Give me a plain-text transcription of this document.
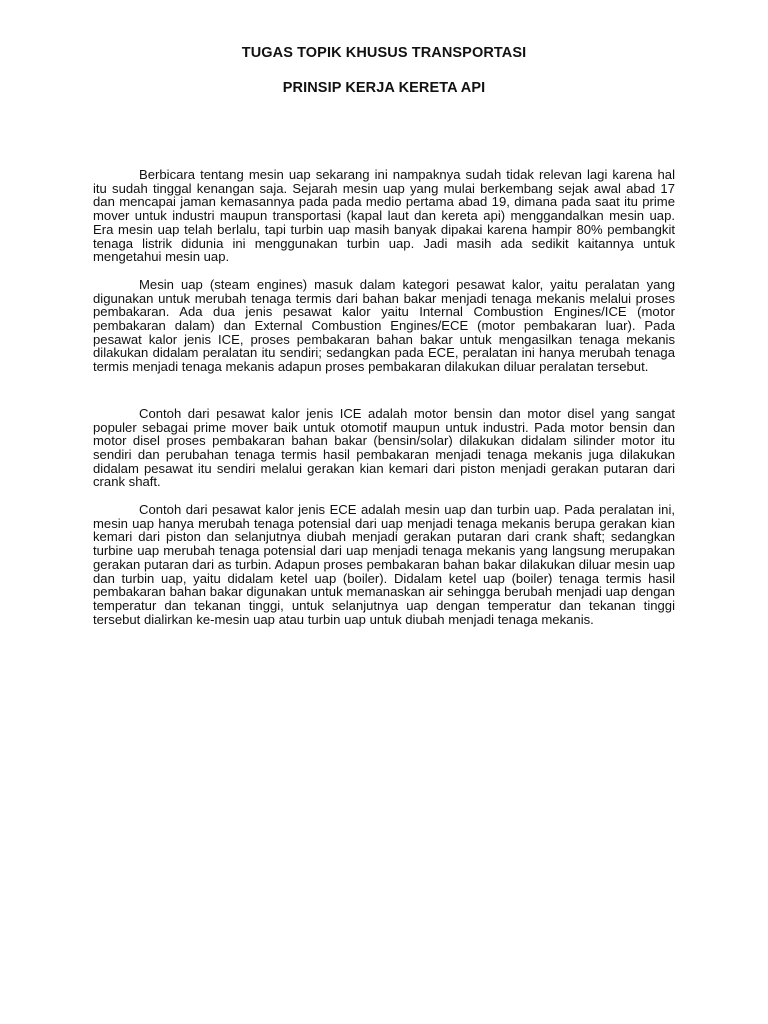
TUGAS TOPIK KHUSUS TRANSPORTASI
PRINSIP KERJA KERETA API

Berbicara tentang mesin uap sekarang ini nampaknya sudah tidak relevan lagi karena hal itu sudah tinggal kenangan saja. Sejarah mesin uap yang mulai berkembang sejak awal abad 17 dan mencapai jaman kemasannya pada pada medio pertama abad 19, dimana pada saat itu prime mover untuk industri maupun transportasi (kapal laut dan kereta api) menggandalkan mesin uap. Era mesin uap telah berlalu, tapi turbin uap masih banyak dipakai karena hampir 80% pembangkit tenaga listrik didunia ini menggunakan turbin uap. Jadi masih ada sedikit kaitannya untuk mengetahui mesin uap.

Mesin uap (steam engines) masuk dalam kategori pesawat kalor, yaitu peralatan yang digunakan untuk merubah tenaga termis dari bahan bakar menjadi tenaga mekanis melalui proses pembakaran. Ada dua jenis pesawat kalor yaitu Internal Combustion Engines/ICE (motor pembakaran dalam) dan External Combustion Engines/ECE (motor pembakaran luar). Pada pesawat kalor jenis ICE, proses pembakaran bahan bakar untuk mengasilkan tenaga mekanis dilakukan didalam peralatan itu sendiri; sedangkan pada ECE, peralatan ini hanya merubah tenaga termis menjadi tenaga mekanis adapun proses pembakaran dilakukan diluar peralatan tersebut.

Contoh dari pesawat kalor jenis ICE adalah motor bensin dan motor disel yang sangat populer sebagai prime mover baik untuk otomotif maupun untuk industri. Pada motor bensin dan motor disel proses pembakaran bahan bakar (bensin/solar) dilakukan didalam silinder motor itu sendiri dan perubahan tenaga termis hasil pembakaran menjadi tenaga mekanis juga dilakukan didalam pesawat itu sendiri melalui gerakan kian kemari dari piston menjadi gerakan putaran dari crank shaft.

Contoh dari pesawat kalor jenis ECE adalah mesin uap dan turbin uap. Pada peralatan ini, mesin uap hanya merubah tenaga potensial dari uap menjadi tenaga mekanis berupa gerakan kian kemari dari piston dan selanjutnya diubah menjadi gerakan putaran dari crank shaft; sedangkan turbine uap merubah tenaga potensial dari uap menjadi tenaga mekanis yang langsung merupakan gerakan putaran dari as turbin. Adapun proses pembakaran bahan bakar dilakukan diluar mesin uap dan turbin uap, yaitu didalam ketel uap (boiler). Didalam ketel uap (boiler) tenaga termis hasil pembakaran bahan bakar digunakan untuk memanaskan air sehingga berubah menjadi uap dengan temperatur dan tekanan tinggi, untuk selanjutnya uap dengan temperatur dan tekanan tinggi tersebut dialirkan ke-mesin uap atau turbin uap untuk diubah menjadi tenaga mekanis.
